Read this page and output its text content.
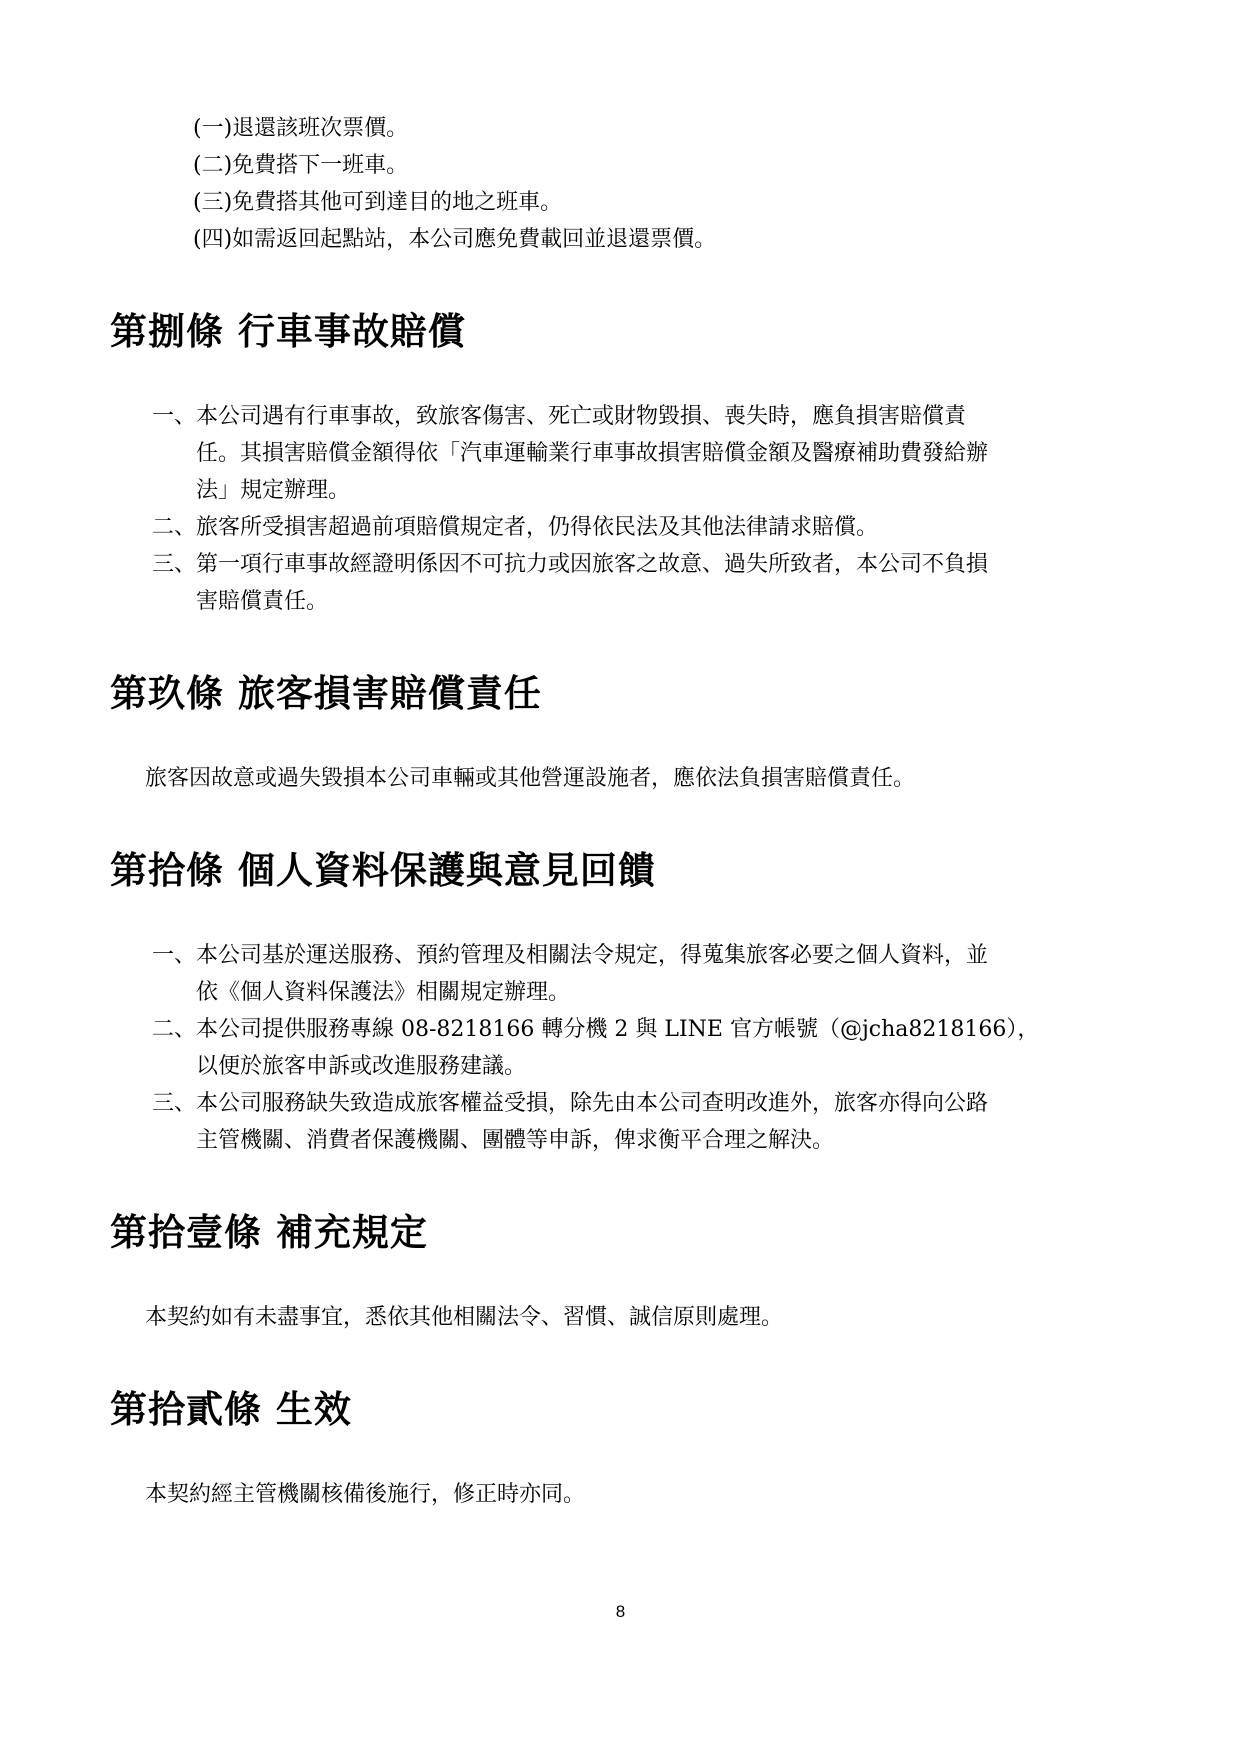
(一)退還該班次票價。
(二)免費搭下一班車。
(三)免費搭其他可到達目的地之班車。
(四)如需返回起點站，本公司應免費載回並退還票價。
第捌條 行車事故賠償
一、本公司遇有行車事故，致旅客傷害、死亡或財物毀損、喪失時，應負損害賠償責
任。其損害賠償金額得依「汽車運輸業行車事故損害賠償金額及醫療補助費發給辦
法」規定辦理。
二、旅客所受損害超過前項賠償規定者，仍得依民法及其他法律請求賠償。
三、第一項行車事故經證明係因不可抗力或因旅客之故意、過失所致者，本公司不負損
害賠償責任。
第玖條 旅客損害賠償責任
旅客因故意或過失毀損本公司車輛或其他營運設施者，應依法負損害賠償責任。
第拾條 個人資料保護與意見回饋
一、本公司基於運送服務、預約管理及相關法令規定，得蒐集旅客必要之個人資料，並
依《個人資料保護法》相關規定辦理。
二、本公司提供服務專線 08-8218166 轉分機 2 與 LINE 官方帳號（@jcha8218166），
以便於旅客申訴或改進服務建議。
三、本公司服務缺失致造成旅客權益受損，除先由本公司查明改進外，旅客亦得向公路
主管機關、消費者保護機關、團體等申訴，俾求衡平合理之解決。
第拾壹條 補充規定
本契約如有未盡事宜，悉依其他相關法令、習慣、誠信原則處理。
第拾貳條 生效
本契約經主管機關核備後施行，修正時亦同。
8
